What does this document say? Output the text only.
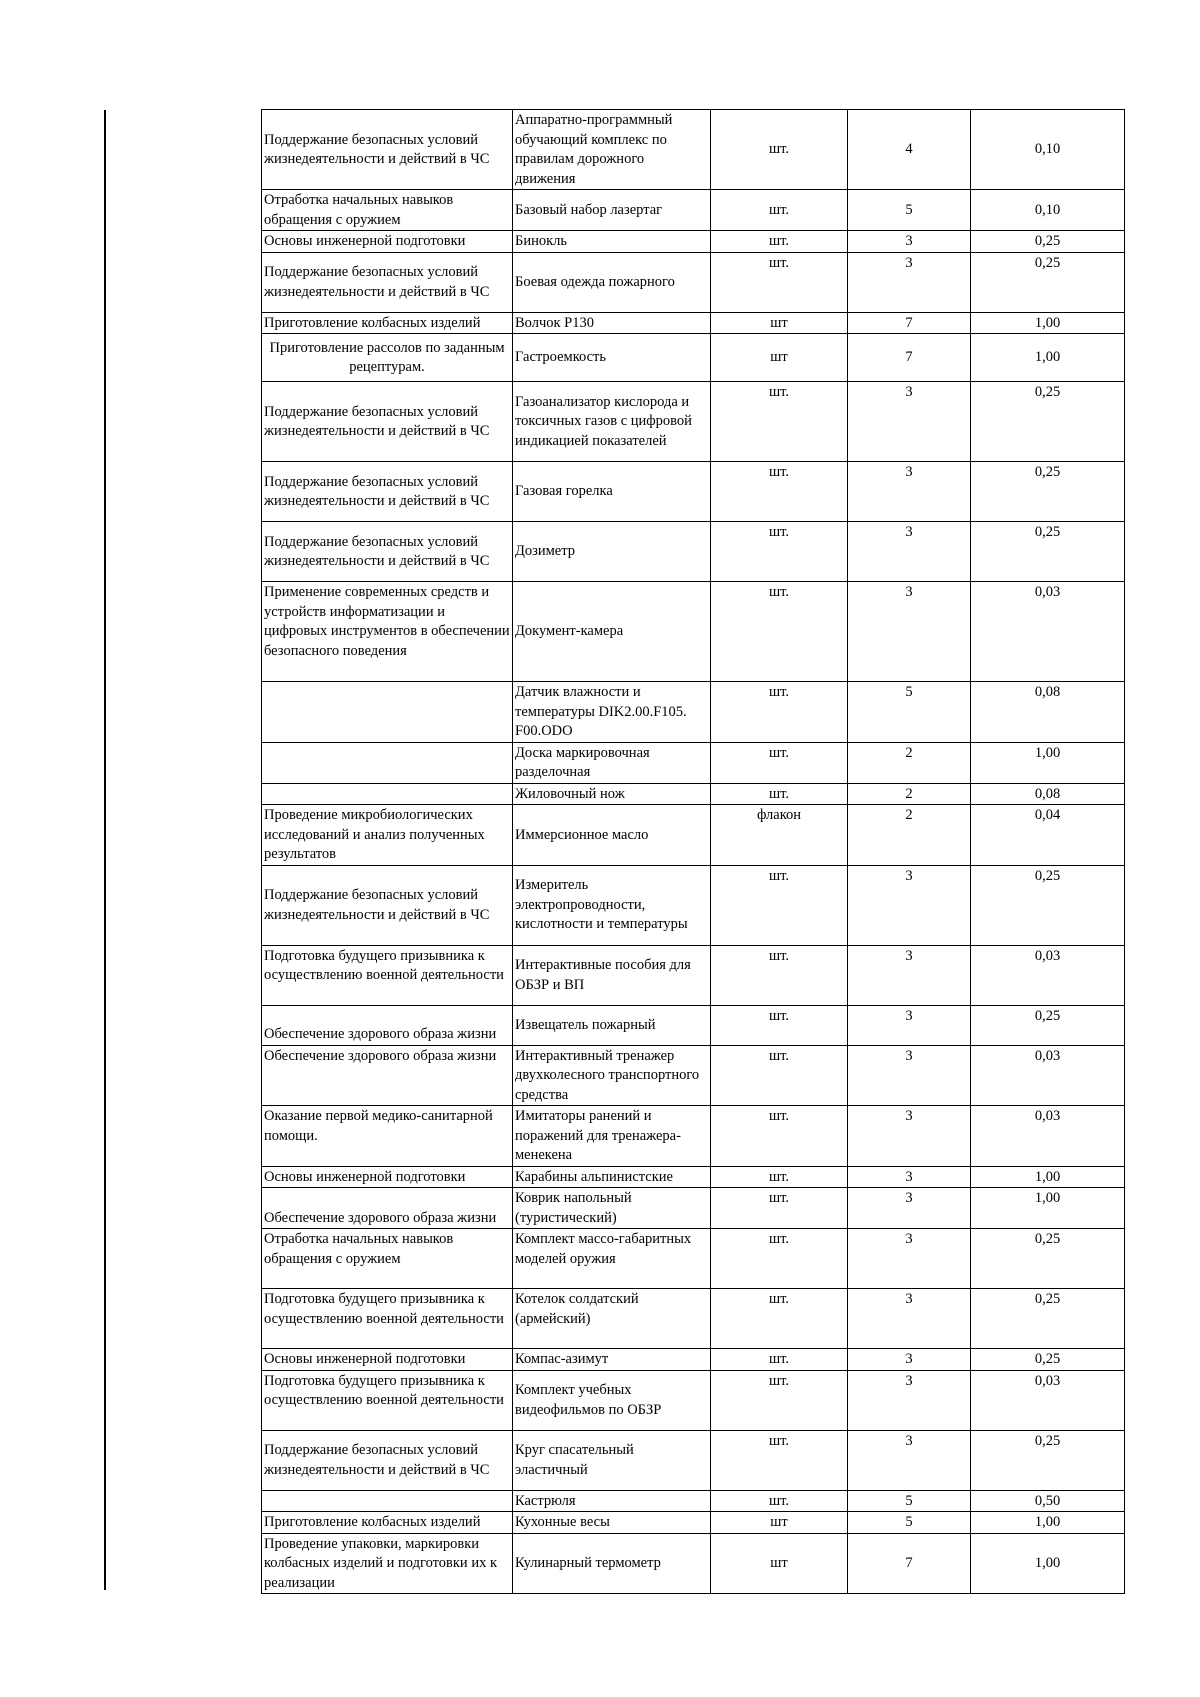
Поддержание безопасных условий жизнедеятельности и действий в ЧС	Аппаратно-программный обучающий комплекс по правилам дорожного движения	шт.	4	0,10
Отработка начальных навыков обращения с оружием	Базовый набор лазертаг	шт.	5	0,10
Основы инженерной подготовки	Бинокль	шт.	3	0,25
Поддержание безопасных условий жизнедеятельности и действий в ЧС	Боевая одежда пожарного	шт.	3	0,25
Приготовление колбасных изделий	Волчок Р130	шт	7	1,00
Приготовление рассолов по заданным рецептурам.	Гастроемкость	шт	7	1,00
Поддержание безопасных условий жизнедеятельности и действий в ЧС	Газоанализатор кислорода и токсичных газов с цифровой индикацией показателей	шт.	3	0,25
Поддержание безопасных условий жизнедеятельности и действий в ЧС	Газовая горелка	шт.	3	0,25
Поддержание безопасных условий жизнедеятельности и действий в ЧС	Дозиметр	шт.	3	0,25
Применение современных средств и устройств информатизации и цифровых инструментов в обеспечении безопасного поведения	Документ-камера	шт.	3	0,03
	Датчик влажности и температуры DIK2.00.F105. F00.ODO	шт.	5	0,08
	Доска маркировочная разделочная	шт.	2	1,00
	Жиловочный нож	шт.	2	0,08
Проведение микробиологических исследований и анализ полученных результатов	Иммерсионное масло	флакон	2	0,04
Поддержание безопасных условий жизнедеятельности и действий в ЧС	Измеритель электропроводности, кислотности и температуры	шт.	3	0,25
Подготовка будущего призывника к осуществлению военной деятельности	Интерактивные пособия для ОБЗР и ВП	шт.	3	0,03
Обеспечение здорового образа жизни	Извещатель пожарный	шт.	3	0,25
Обеспечение здорового образа жизни	Интерактивный тренажер двухколесного транспортного средства	шт.	3	0,03
Оказание первой медико-санитарной помощи.	Имитаторы ранений и поражений для тренажера-менекена	шт.	3	0,03
Основы инженерной подготовки	Карабины альпинистские	шт.	3	1,00
Обеспечение здорового образа жизни	Коврик напольный (туристический)	шт.	3	1,00
Отработка начальных навыков обращения с оружием	Комплект массо-габаритных моделей оружия	шт.	3	0,25
Подготовка будущего призывника к осуществлению военной деятельности	Котелок солдатский (армейский)	шт.	3	0,25
Основы инженерной подготовки	Компас-азимут	шт.	3	0,25
Подготовка будущего призывника к осуществлению военной деятельности	Комплект учебных видеофильмов по ОБЗР	шт.	3	0,03
Поддержание безопасных условий жизнедеятельности и действий в ЧС	Круг спасательный эластичный	шт.	3	0,25
	Кастрюля	шт.	5	0,50
Приготовление колбасных изделий	Кухонные весы	шт	5	1,00
Проведение упаковки, маркировки колбасных изделий и подготовки их к реализации	Кулинарный термометр	шт	7	1,00
